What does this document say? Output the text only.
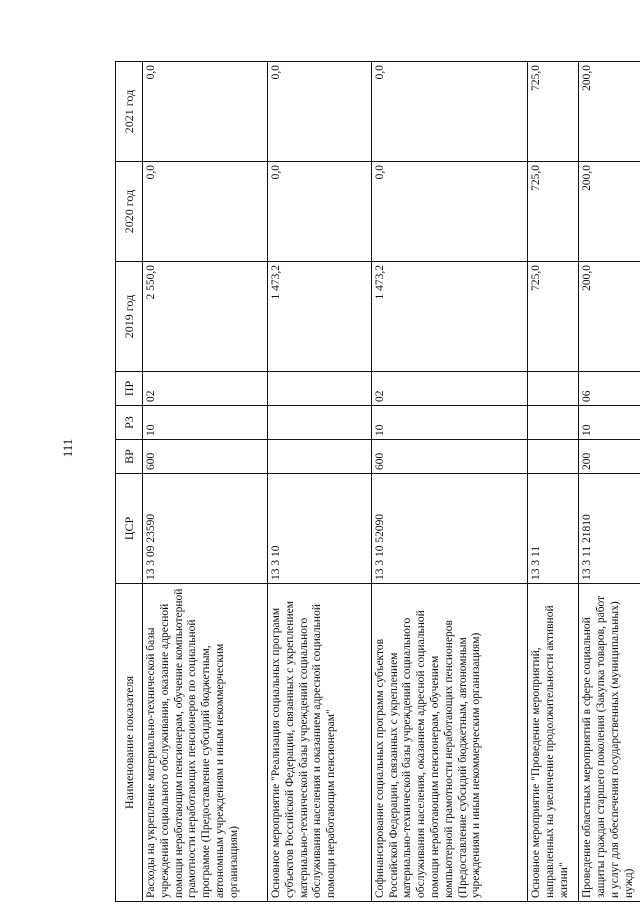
111
Наименование показателя	ЦСР	ВР	РЗ	ПР	2019 год	2020 год	2021 год
Расходы на укрепление материально-технической базы учреждений социального обслуживания, оказание адресной помощи неработающим пенсионерам, обучение компьютерной грамотности неработающих пенсионеров по социальной программе (Предоставление субсидий бюджетным, автономным учреждениям и иным некоммерческим организациям)	13 3 09 23590	600	10	02	2 550,0	0,0	0,0
Основное мероприятие "Реализация социальных программ субъектов Российской Федерации, связанных с укреплением материально-технической базы учреждений социального обслуживания населения и оказанием адресной социальной помощи неработающим пенсионерам"	13 3 10				1 473,2	0,0	0,0
Софинансирование социальных программ субъектов Российской Федерации, связанных с укреплением материально-технической базы учреждений социального обслуживания населения, оказанием адресной социальной помощи неработающим пенсионерам, обучением компьютерной грамотности неработающих пенсионеров (Предоставление субсидий бюджетным, автономным учреждениям и иным некоммерческим организациям)	13 3 10 52090	600	10	02	1 473,2	0,0	0,0
Основное мероприятие "Проведение мероприятий, направленных на увеличение продолжительности активной жизни"	13 3 11				725,0	725,0	725,0
Проведение областных мероприятий в сфере социальной защиты граждан старшего поколения (Закупка товаров, работ и услуг для обеспечения государственных (муниципальных) нужд)	13 3 11 21810	200	10	06	200,0	200,0	200,0
